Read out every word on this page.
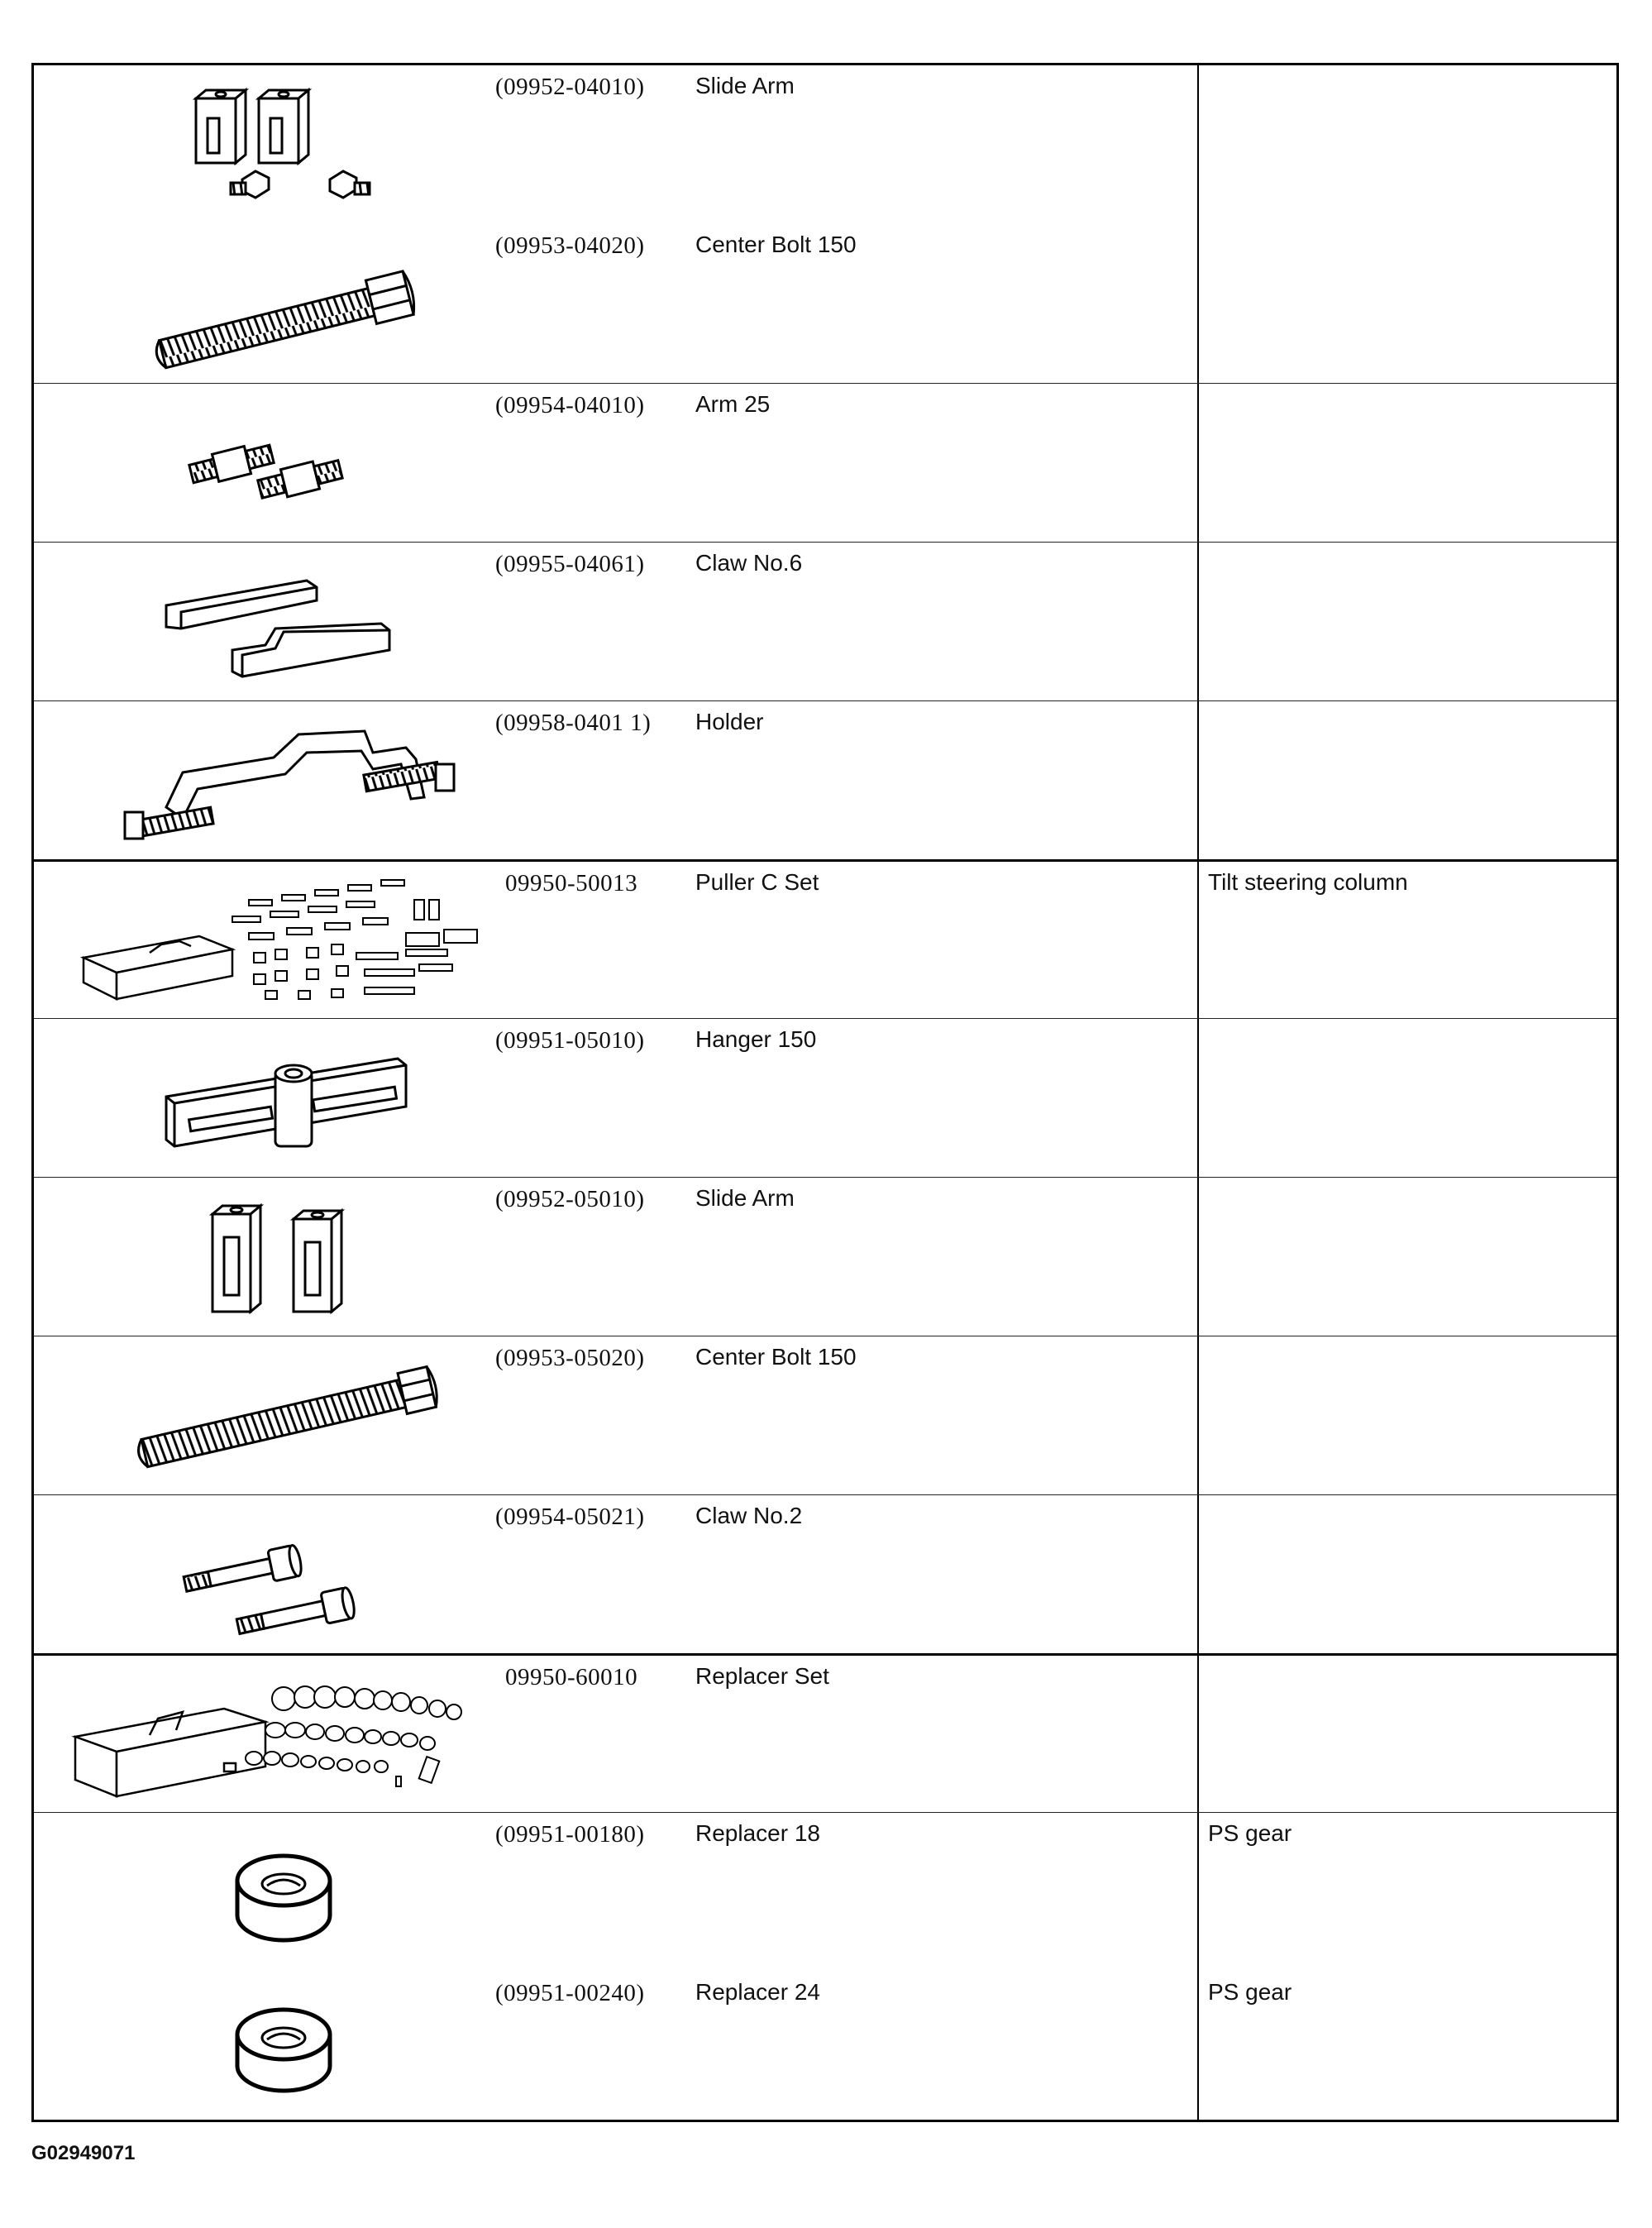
(09952-04010) Slide Arm
(09953-04020) Center Bolt 150
(09954-04010) Arm 25
(09955-04061) Claw No.6
(09958-0401 1) Holder
09950-50013 Puller C Set	Tilt steering column
(09951-05010) Hanger 150
(09952-05010) Slide Arm
(09953-05020) Center Bolt 150
(09954-05021) Claw No.2
09950-60010 Replacer Set
(09951-00180) Replacer 18	PS gear
(09951-00240) Replacer 24	PS gear
G02949071
